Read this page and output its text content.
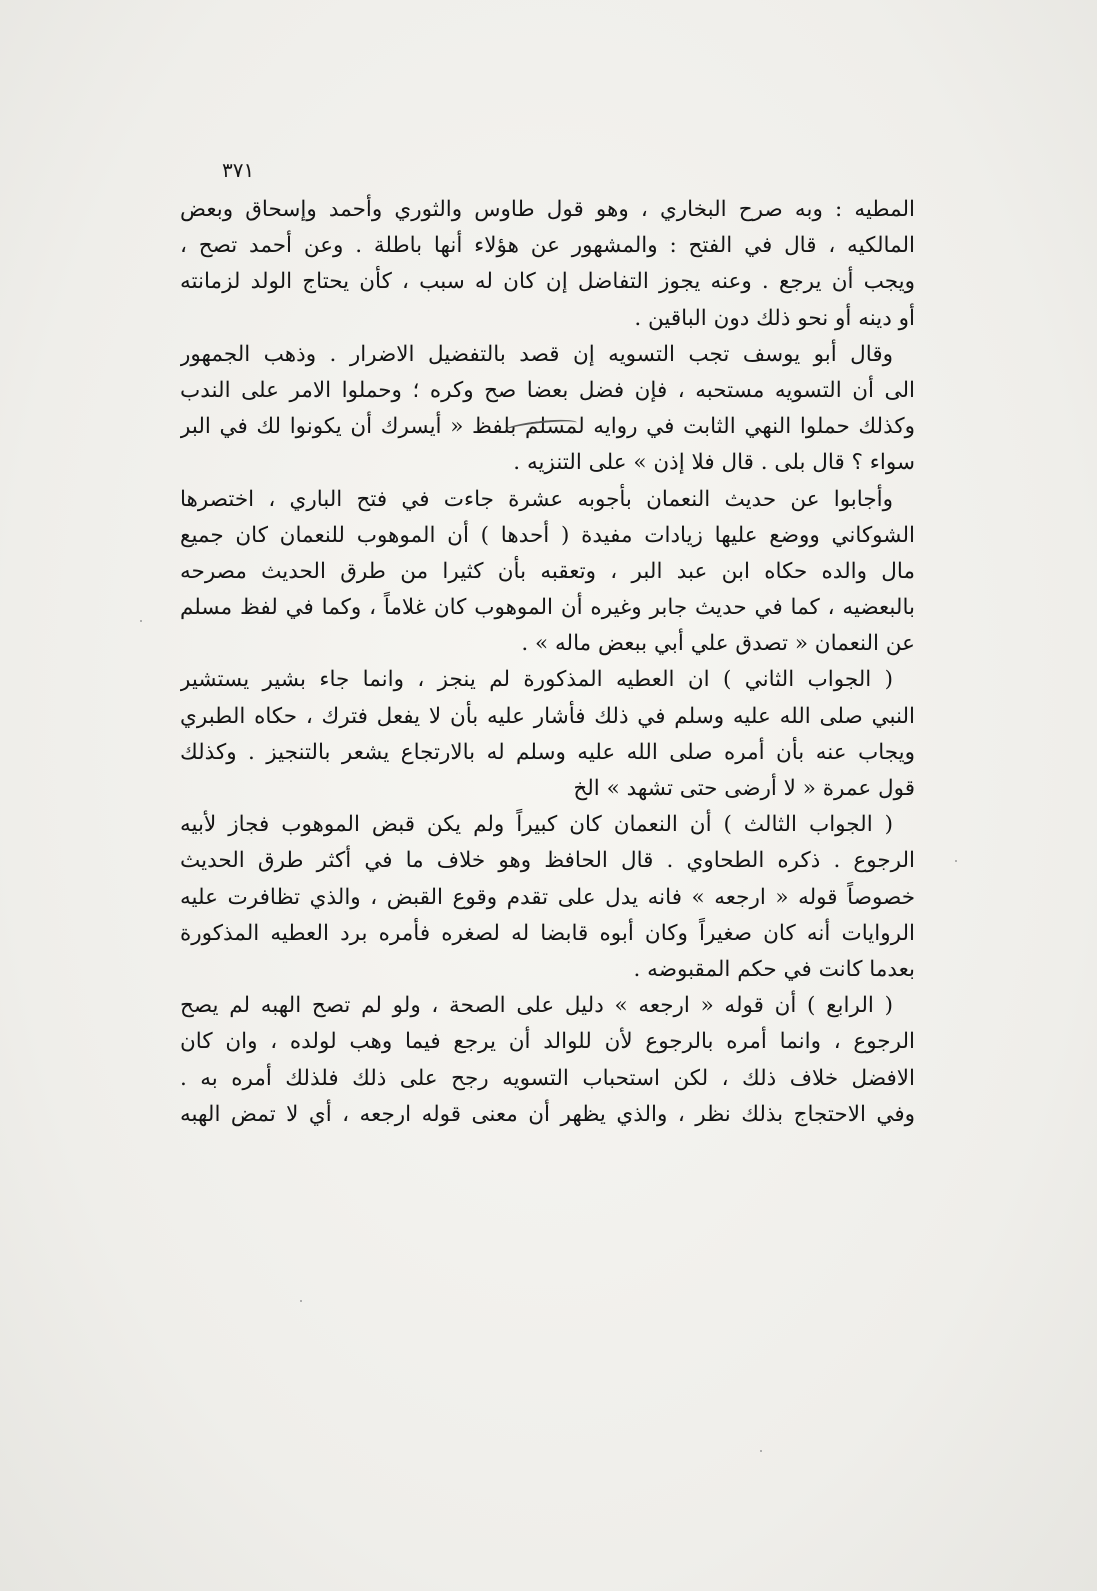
٣٧١
المطيه : وبه صرح البخاري ، وهو قول طاوس والثوري وأحمد وإسحاق وبعض
المالكيه ، قال في الفتح : والمشهور عن هؤلاء أنها باطلة . وعن أحمد تصح ،
ويجب أن يرجع . وعنه يجوز التفاضل إن كان له سبب ، كأن يحتاج الولد لزمانته
أو دينه أو نحو ذلك دون الباقين .
وقال أبو يوسف تجب التسويه إن قصد بالتفضيل الاضرار . وذهب الجمهور
الى أن التسويه مستحبه ، فإن فضل بعضا صح وكره ؛ وحملوا الامر على الندب
وكذلك حملوا النهي الثابت في روايه لمسلم بلفظ « أيسرك أن يكونوا لك في البر
سواء ؟ قال بلى . قال فلا إذن » على التنزيه .
وأجابوا عن حديث النعمان بأجوبه عشرة جاءت في فتح الباري ، اختصرها
الشوكاني ووضع عليها زيادات مفيدة ( أحدها ) أن الموهوب للنعمان كان جميع
مال والده حكاه ابن عبد البر ، وتعقبه بأن كثيرا من طرق الحديث مصرحه
بالبعضيه ، كما في حديث جابر وغيره أن الموهوب كان غلاماً ، وكما في لفظ مسلم
عن النعمان « تصدق علي أبي ببعض ماله » .
( الجواب الثاني ) ان العطيه المذكورة لم ينجز ، وانما جاء بشير يستشير
النبي صلى الله عليه وسلم في ذلك فأشار عليه بأن لا يفعل فترك ، حكاه الطبري
ويجاب عنه بأن أمره صلى الله عليه وسلم له بالارتجاع يشعر بالتنجيز . وكذلك
قول عمرة « لا أرضى حتى تشهد » الخ
( الجواب الثالث ) أن النعمان كان كبيراً ولم يكن قبض الموهوب فجاز لأبيه
الرجوع . ذكره الطحاوي . قال الحافظ وهو خلاف ما في أكثر طرق الحديث
خصوصاً قوله « ارجعه » فانه يدل على تقدم وقوع القبض ، والذي تظافرت عليه
الروايات أنه كان صغيراً وكان أبوه قابضا له لصغره فأمره برد العطيه المذكورة
بعدما كانت في حكم المقبوضه .
( الرابع ) أن قوله « ارجعه » دليل على الصحة ، ولو لم تصح الهبه لم يصح
الرجوع ، وانما أمره بالرجوع لأن للوالد أن يرجع فيما وهب لولده ، وان كان
الافضل خلاف ذلك ، لكن استحباب التسويه رجح على ذلك فلذلك أمره به .
وفي الاحتجاج بذلك نظر ، والذي يظهر أن معنى قوله ارجعه ، أي لا تمض الهبه
